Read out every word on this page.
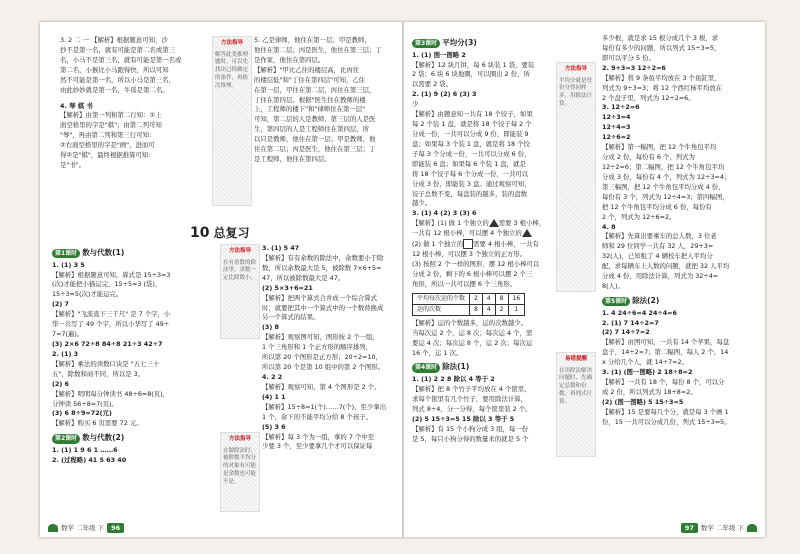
3. 2 二 一 【解析】根据题意可知，沙
抄不是第一名，就有可能是第二名或第三
名，小马不是第三名，就有可能是第一名或
第二名，小猴比小马跑得快，所以可知
然不可能是第一名，所以小马是第三名，
由此妙妙就是第一名，牛瑶是第二名。
4. 琴 棋 书
【解析】由第一列和第二行知：①上
面空格里的字是"棋"；由第二列可知
"琴"，再由第二列和第三行可知：
②右面空格里的字是"画"，进而可
得②是"棋"，最终根据推算可知：
是"书"。
方法指导
解答此类推理题时，可以先找出已经确定的条件，再依次推理。
5. 乙是律师，他住在第一层；甲是教师，
他住在第二层；丙是医生，他住在第三层；丁
是作家，他住在第四层。
【解析】"甲比乙住的楼层高，比丙住
的楼层低"和"丁住在第四层"可知，乙住
在第一层，甲住在第二层，丙住在第三层，
丁住在第四层。根据"医生住在教师的楼
上，工程师的楼下"和"律师住在第一层"
可知，第二层的人是教师，第三层的人是医
生，第四层的人是工程师住在第四层，所
以只是教师，他住在第一层；甲是教师，他
住在第二层；丙是医生，他住在第三层；丁
是工程师，他住在第四层。
10 总复习
第1课时 数与代数(1)
1. (1) 3 5
【解析】根据题意可知，算式是 15÷3=3
(次)才能把小猫运完，15÷5=3 (袋)，
15÷3=5(次)才能运完。
(2) 7
【解析】"飞流直下三千尺" 是 7 个字，小
华一共写了 49 个字，所以小华写了 49÷
7=7(遍)。
(3) 2×6 72÷8 84÷8 21÷3 42÷7
2. (1) 3
【解析】乘法的读数口诀是 "五七三十
五"，除数和商不同，所以是 3。
(2) 6
【解析】明明每分钟读书 48÷6=8(页)，
分钟读 56÷8=7(页)。
(3) 6 8÷9=72(元)
【解析】购买 6 页需要 72 元。
第2课时 数与代数(2)
1. (1) 1 9 6 1 ……6
2. (过程略) 41 5 63 40
方法指导
在有余数的除法里，余数一定比除数小。
方法指导
在做除法时，被除数平均分的对象有可能是余数也可能不是。
3. (1) 5 47
【解析】有有余数的除法中，余数要小于除
数，所以余数最大是 5，被除数 7×6+5=
47，所以被除数最大是 47。
(2) 5×3+6=21
【解析】把两个算式合并成一个综合算式
时，就要把其中一个算式中的一个数替换成
另一个算式的结果。
(3) 8
【解析】观察图可知，图形按 2 个一组，
1 个三角形和 1 个正方形的顺序排列，
所以第 20 个图形是正方形；20÷2=10，
所以第 20 个是第 10 组中的第 2 个图形。
4. 2 2
【解析】观察可知，第 4 个图形是 2 个。
(4) 1 1
【解析】15÷8=1(个)……7(个)，至少拿出
1 个，余下的不能平均分给 8 个孩子。
(5) 3 6
【解析】每 3 个为一组，拿的 7 个中至
少要 3 个，至少要拿几个才可以保证每
数学 二年级 下	96
第3课时 平均分(3)
1. (1) 图一图略 2
【解析】12 块月饼，每 6 块装 1 袋，要装
2 袋；6 块 6 块地圈，可以圈出 2 份，所
以需要 2 袋。
2. (1) 9 (2) 6 (3) 3
少
【解析】由题意知一共有 18 个饺子，如果
每 2 个装 1 盘，就是将 18 个饺子每 2 个
分成一份，一共可以分成 9 份，即能装 9
盘；如果每 3 个装 1 盘，就是将 18 个饺
子每 3 个分成一份，一共可以分成 6 份，
即能装 6 盘；如果每 6 个装 1 盘，就是
将 18 个饺子每 6 个分成一份，一共可以
分成 3 份，即能装 3 盘。通过观察可知，
饺子总数不变，每盘装的越多，装的盘数
越少。
3. (1) 4 (2) 3 (3) 6
【解析】(1) 做 1 个独立的 需要 3 根小棒，
一共有 12 根小棒，可以摆 4 个独立的
(2) 做 1 个独立的 需要 4 根小棒，一共有
12 根小棒，可以摆 3 个独立的正方形。
(3) 按照 2 个一样的图形，摆 12 根小棒可以
分成 2 份，剩下的 6 根小棒可以摆 2 个三
角形，所以一共可以摆 6 个三角形。
平均每次运的个数	2	4	8	16
运的次数	8	4	2	1
【解析】运的个数越多，运的次数越少。
当每次运 2 个，运 8 次；每次运 4 个，需
要运 4 次；每次运 8 个，运 2 次；每次运
16 个，运 1 次。
第4课时 除法(1)
1. (1) 2 2 8 除以 4 等于 2
【解析】把 8 个竹子平均放在 4 个筐里，
求每个筐里有几个竹子，要用除法计算，
列式 8÷4，分一分得，每个筐里装 2 个。
(2) 5 15÷3=5 15 除以 3 等于 5
【解析】有 15 个小狗分成 3 组，每一份
是 5，每只小狗分得的数量来的就是 5 个
方法指导
平均分就是每份分得同样多，用除法计算。
易错提醒
在用除法解决问题时，先确定总数和份数，再列式计算。
多少根，就是求 15 根分成几个 3 根，求
每份有多少的问题，所以列式 15÷3=5，
即可以平分 5 份。
2. 9+3=3 12÷2=6
【解析】将 9 条鱼平均放在 3 个鱼缸里，
列式为 9÷3=3；将 12 个西红柿平均放在
2 个盘子里，列式为 12÷2=6。
3. 12÷2=6
12÷3=4
12÷4=3
12÷6=2
【解析】第一幅图，把 12 个牛角包平均
分成 2 份，每份有 6 个，列式为
12÷2=6；第二幅图，把 12 个牛角包平均
分成 3 份，每份有 4 个，列式为 12÷3=4；
第三幅图，把 12 个牛角包平均分成 4 份，
每份有 3 个，列式为 12÷4=3；第四幅图，
把 12 个牛角包平均分成 6 份，每份有
2 个，列式为 12÷6=2。
4. 8
【解析】先算出要乘车的总人数，3 位老
师和 29 位同学一共有 32 人，29+3=
32(人)，已知租了 4 辆校车把人平均分
配，求每辆车上人数的问题，就把 32 人平均
分成 4 份，用除法计算，列式为 32÷4=
8(人)。
第5课时 除法(2)
1. 4 24÷6=4 24÷4=6
2. (1) 7 14÷2=7
(2) 7 14÷7=2
【解析】由图可知，一共有 14 个苹果，每盘
盘子，14÷2=7；第二幅图，每人 2 个，14
ⅹ 分给几个人，就 14÷7=2。
3. (1) (图一图略) 2 18÷8=2
【解析】一共有 18 个，每份 8 个，可以分
成 2 份，所以列式为 18÷8=2。
(2) (图一图略) 5 15÷3=5
【解析】15 是要每几个分，就是每 3 个画 1
份，15 一共可以分成几份，列式 15÷3=5。
97	数学 二年级 下
